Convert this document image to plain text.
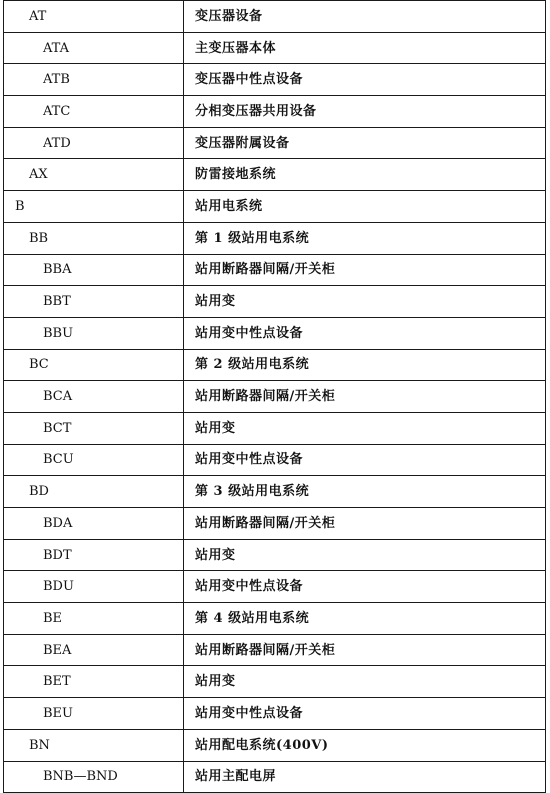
AT	变压器设备
ATA	主变压器本体
ATB	变压器中性点设备
ATC	分相变压器共用设备
ATD	变压器附属设备
AX	防雷接地系统
B	站用电系统
BB	第 1 级站用电系统
BBA	站用断路器间隔/开关柜
BBT	站用变
BBU	站用变中性点设备
BC	第 2 级站用电系统
BCA	站用断路器间隔/开关柜
BCT	站用变
BCU	站用变中性点设备
BD	第 3 级站用电系统
BDA	站用断路器间隔/开关柜
BDT	站用变
BDU	站用变中性点设备
BE	第 4 级站用电系统
BEA	站用断路器间隔/开关柜
BET	站用变
BEU	站用变中性点设备
BN	站用配电系统(400V)
BNB—BND	站用主配电屏
